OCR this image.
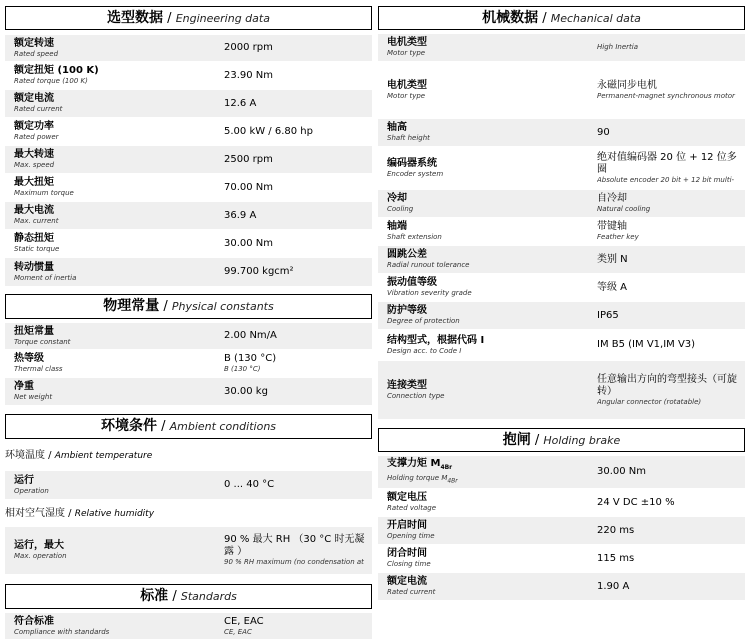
选型数据 / Engineering data
额定转速
Rated speed
2000 rpm
额定扭矩 (100 K)
Rated torque (100 K)
23.90 Nm
额定电流
Rated current
12.6 A
额定功率
Rated power
5.00 kW / 6.80 hp
最大转速
Max. speed
2500 rpm
最大扭矩
Maximum torque
70.00 Nm
最大电流
Max. current
36.9 A
静态扭矩
Static torque
30.00 Nm
转动惯量
Moment of inertia
99.700 kgcm²
物理常量 / Physical constants
扭矩常量
Torque constant
2.00 Nm/A
热等级
Thermal class
B (130 °C)
B (130 °C)
净重
Net weight
30.00 kg
环境条件 / Ambient conditions
环境温度 / Ambient temperature
运行
Operation
0 ... 40 °C
相对空气湿度 / Relative humidity
运行，最大
Max. operation
90 % 最大 RH （30 °C 时无凝露 ）
90 % RH maximum (no condensation at
标准 / Standards
符合标准
Compliance with standards
CE, EAC
CE, EAC
机械数据 / Mechanical data
电机类型
Motor type
High Inertia
电机类型
Motor type
永磁同步电机
Permanent-magnet synchronous motor
轴高
Shaft height
90
编码器系统
Encoder system
绝对值编码器 20 位 + 12 位多圈
Absolute encoder 20 bit + 12 bit multi-
冷却
Cooling
自冷却
Natural cooling
轴端
Shaft extension
带键轴
Feather key
圆跳公差
Radial runout tolerance
类别 N
振动值等级
Vibration severity grade
等级 A
防护等级
Degree of protection
IP65
结构型式，根据代码 I
Design acc. to Code I
IM B5 (IM V1,IM V3)
连接类型
Connection type
任意输出方向的弯型接头（可旋转）
Angular connector (rotatable)
抱闸 / Holding brake
支撑力矩 $M_{4Br}$
Holding torque $M_{4Br}$
30.00 Nm
额定电压
Rated voltage
24 V DC ±10 %
开启时间
Opening time
220 ms
闭合时间
Closing time
115 ms
额定电流
Rated current
1.90 A
